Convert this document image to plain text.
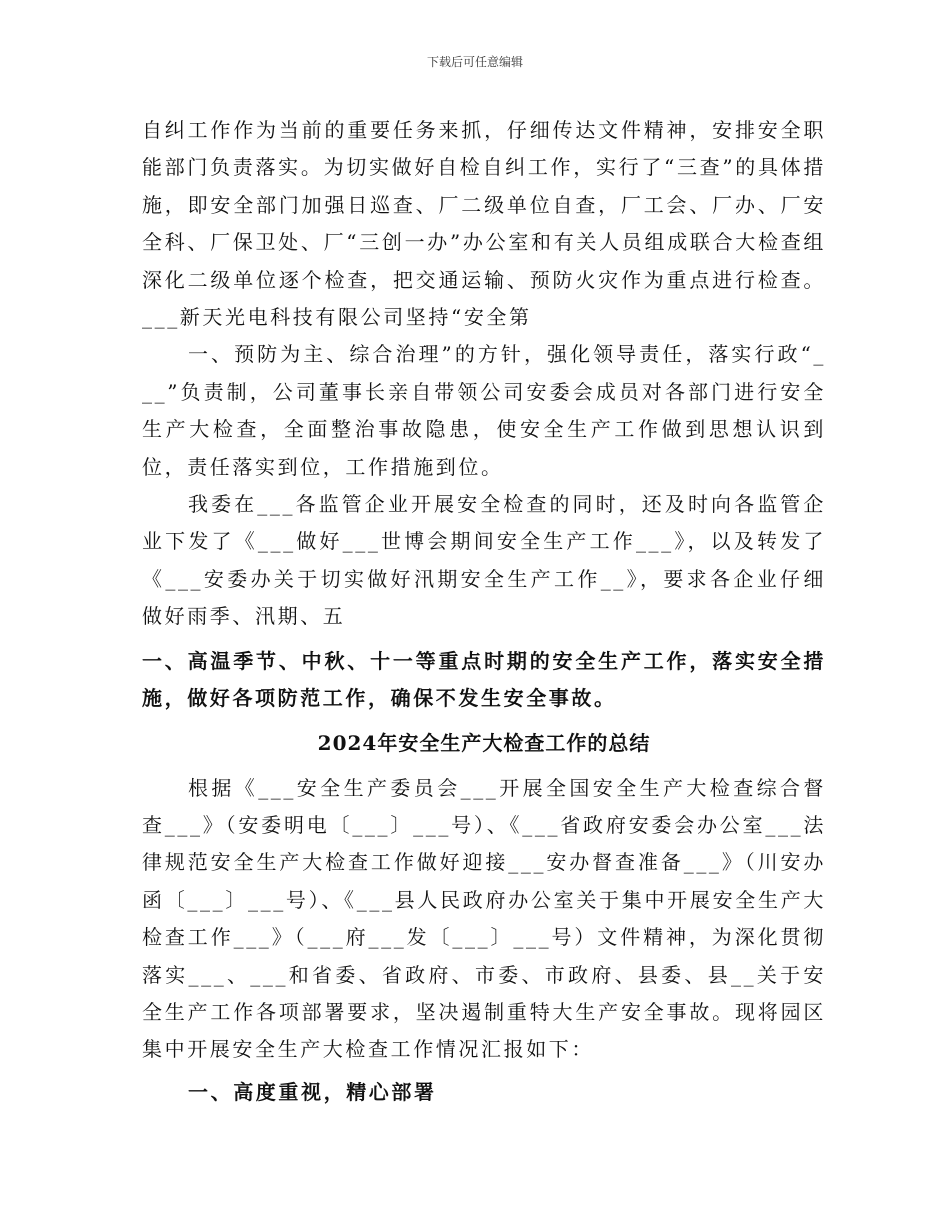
下载后可任意编辑

自纠工作作为当前的重要任务来抓，仔细传达文件精神，安排安全职能部门负责落实。为切实做好自检自纠工作，实行了“三查”的具体措施，即安全部门加强日巡查、厂二级单位自查，厂工会、厂办、厂安全科、厂保卫处、厂“三创一办”办公室和有关人员组成联合大检查组深化二级单位逐个检查，把交通运输、预防火灾作为重点进行检查。___新天光电科技有限公司坚持“安全第

一、预防为主、综合治理”的方针，强化领导责任，落实行政“___”负责制，公司董事长亲自带领公司安委会成员对各部门进行安全生产大检查，全面整治事故隐患，使安全生产工作做到思想认识到位，责任落实到位，工作措施到位。

我委在___各监管企业开展安全检查的同时，还及时向各监管企业下发了《___做好___世博会期间安全生产工作___》，以及转发了《___安委办关于切实做好汛期安全生产工作__》，要求各企业仔细做好雨季、汛期、五

一、高温季节、中秋、十一等重点时期的安全生产工作，落实安全措施，做好各项防范工作，确保不发生安全事故。

2024年安全生产大检查工作的总结

根据《___安全生产委员会___开展全国安全生产大检查综合督查___》（安委明电〔___〕___号）、《___省政府安委会办公室___法律规范安全生产大检查工作做好迎接___安办督查准备___》（川安办函〔___〕___号）、《___县人民政府办公室关于集中开展安全生产大检查工作___》（___府___发〔___〕___号）文件精神，为深化贯彻落实___、___和省委、省政府、市委、市政府、县委、县__关于安全生产工作各项部署要求，坚决遏制重特大生产安全事故。现将园区集中开展安全生产大检查工作情况汇报如下：

一、高度重视，精心部署
